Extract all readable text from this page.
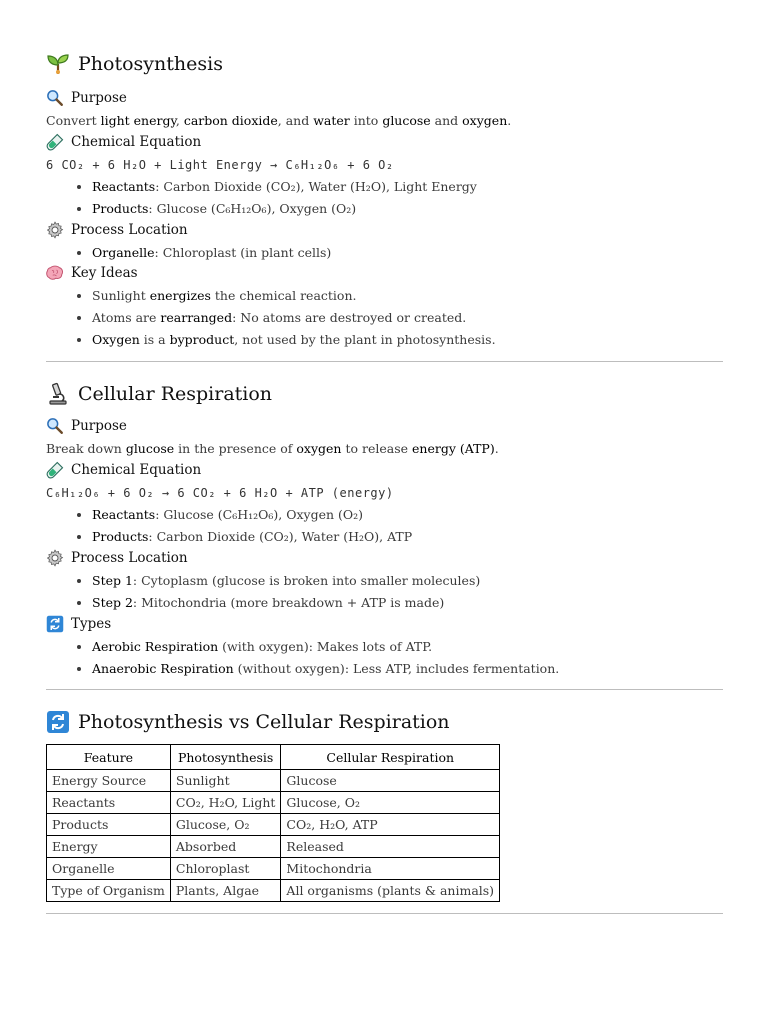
Photosynthesis
Purpose

Convert light energy, carbon dioxide, and water into glucose and oxygen.

Chemical Equation

6 CO₂ + 6 H₂O + Light Energy → C₆H₁₂O₆ + 6 O₂

• Reactants: Carbon Dioxide (CO₂), Water (H₂O), Light Energy
• Products: Glucose (C₆H₁₂O₆), Oxygen (O₂)
Process Location
• Organelle: Chloroplast (in plant cells)
Key Ideas
• Sunlight energizes the chemical reaction.
• Atoms are rearranged: No atoms are destroyed or created.
• Oxygen is a byproduct, not used by the plant in photosynthesis.
Cellular Respiration
Purpose

Break down glucose in the presence of oxygen to release energy (ATP).

Chemical Equation

C₆H₁₂O₆ + 6 O₂ → 6 CO₂ + 6 H₂O + ATP (energy)

• Reactants: Glucose (C₆H₁₂O₆), Oxygen (O₂)
• Products: Carbon Dioxide (CO₂), Water (H₂O), ATP
Process Location
• Step 1: Cytoplasm (glucose is broken into smaller molecules)
• Step 2: Mitochondria (more breakdown + ATP is made)
Types
• Aerobic Respiration (with oxygen): Makes lots of ATP.
• Anaerobic Respiration (without oxygen): Less ATP, includes fermentation.
Photosynthesis vs Cellular Respiration
Feature	Photosynthesis	Cellular Respiration
Energy Source	Sunlight	Glucose
Reactants	CO₂, H₂O, Light	Glucose, O₂
Products	Glucose, O₂	CO₂, H₂O, ATP
Energy	Absorbed	Released
Organelle	Chloroplast	Mitochondria
Type of Organism	Plants, Algae	All organisms (plants & animals)
